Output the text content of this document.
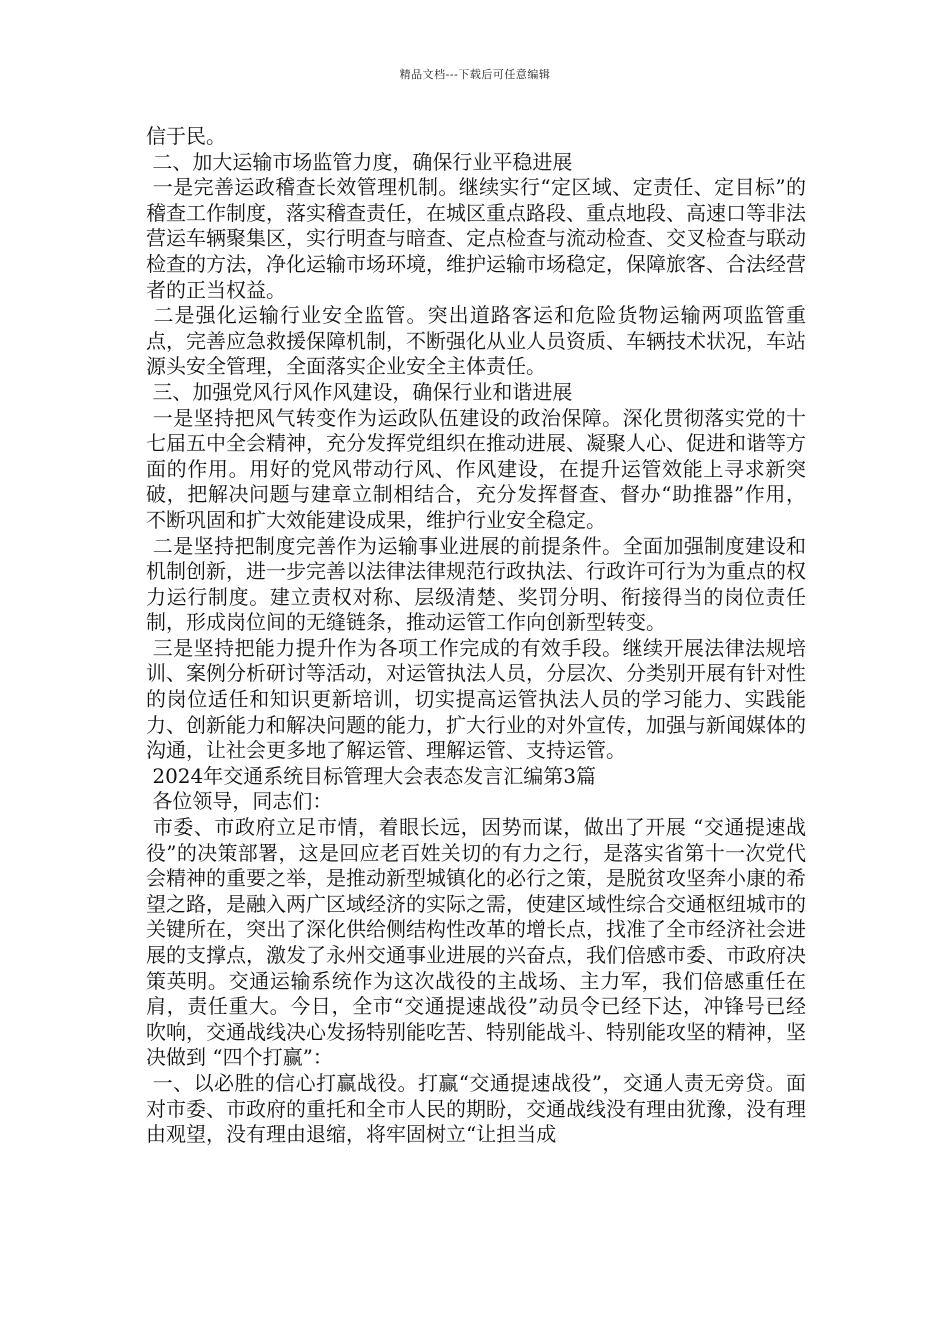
精品文档---下载后可任意编辑

信于民。

二、加大运输市场监管力度，确保行业平稳进展

一是完善运政稽查长效管理机制。继续实行“定区域、定责任、定目标”的稽查工作制度，落实稽查责任，在城区重点路段、重点地段、高速口等非法营运车辆聚集区，实行明查与暗查、定点检查与流动检查、交叉检查与联动检查的方法，净化运输市场环境，维护运输市场稳定，保障旅客、合法经营者的正当权益。

二是强化运输行业安全监管。突出道路客运和危险货物运输两项监管重点，完善应急救援保障机制，不断强化从业人员资质、车辆技术状况，车站源头安全管理，全面落实企业安全主体责任。

三、加强党风行风作风建设，确保行业和谐进展

一是坚持把风气转变作为运政队伍建设的政治保障。深化贯彻落实党的十七届五中全会精神，充分发挥党组织在推动进展、凝聚人心、促进和谐等方面的作用。用好的党风带动行风、作风建设，在提升运管效能上寻求新突破，把解决问题与建章立制相结合，充分发挥督查、督办“助推器”作用，不断巩固和扩大效能建设成果，维护行业安全稳定。

二是坚持把制度完善作为运输事业进展的前提条件。全面加强制度建设和机制创新，进一步完善以法律法律规范行政执法、行政许可行为为重点的权力运行制度。建立责权对称、层级清楚、奖罚分明、衔接得当的岗位责任制，形成岗位间的无缝链条，推动运管工作向创新型转变。

三是坚持把能力提升作为各项工作完成的有效手段。继续开展法律法规培训、案例分析研讨等活动，对运管执法人员，分层次、分类别开展有针对性的岗位适任和知识更新培训，切实提高运管执法人员的学习能力、实践能力、创新能力和解决问题的能力，扩大行业的对外宣传，加强与新闻媒体的沟通，让社会更多地了解运管、理解运管、支持运管。

2024年交通系统目标管理大会表态发言汇编第3篇

各位领导，同志们：

市委、市政府立足市情，着眼长远，因势而谋，做出了开展 “交通提速战役”的决策部署，这是回应老百姓关切的有力之行，是落实省第十一次党代会精神的重要之举，是推动新型城镇化的必行之策，是脱贫攻坚奔小康的希望之路，是融入两广区域经济的实际之需，使建区域性综合交通枢纽城市的关键所在，突出了深化供给侧结构性改革的增长点，找准了全市经济社会进展的支撑点，激发了永州交通事业进展的兴奋点，我们倍感市委、市政府决策英明。交通运输系统作为这次战役的主战场、主力军，我们倍感重任在肩，责任重大。今日，全市“交通提速战役”动员令已经下达，冲锋号已经吹响，交通战线决心发扬特别能吃苦、特别能战斗、特别能攻坚的精神，坚决做到 “四个打赢”：

一、以必胜的信心打赢战役。打赢“交通提速战役”，交通人责无旁贷。面对市委、市政府的重托和全市人民的期盼，交通战线没有理由犹豫，没有理由观望，没有理由退缩，将牢固树立“让担当成
